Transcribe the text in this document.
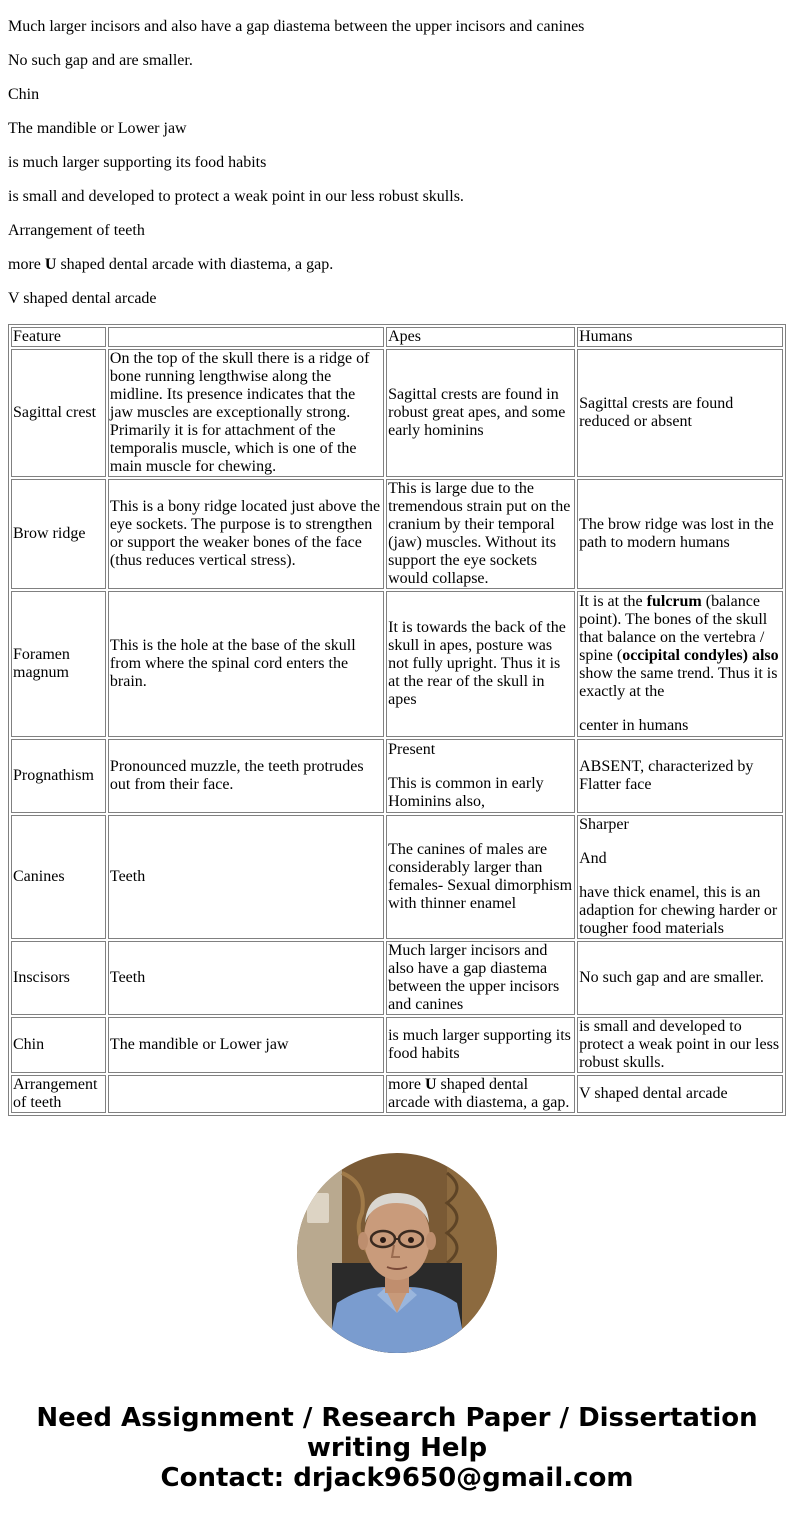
Much larger incisors and also have a gap diastema between the upper incisors and canines

No such gap and are smaller.

Chin

The mandible or Lower jaw

is much larger supporting its food habits

is small and developed to protect a weak point in our less robust skulls.

Arrangement of teeth

more U shaped dental arcade with diastema, a gap.

V shaped dental arcade

Feature		Apes	Humans
Sagittal crest	On the top of the skull there is a ridge of bone running lengthwise along the midline. Its presence indicates that the jaw muscles are exceptionally strong. Primarily it is for attachment of the temporalis muscle, which is one of the main muscle for chewing.	Sagittal crests are found in robust great apes, and some early hominins	Sagittal crests are found reduced or absent
Brow ridge	This is a bony ridge located just above the eye sockets. The purpose is to strengthen or support the weaker bones of the face (thus reduces vertical stress).	This is large due to the tremendous strain put on the cranium by their temporal (jaw) muscles. Without its support the eye sockets would collapse.	The brow ridge was lost in the path to modern humans
Foramen magnum	This is the hole at the base of the skull from where the spinal cord enters the brain.	It is towards the back of the skull in apes, posture was not fully upright. Thus it is at the rear of the skull in apes	It is at the fulcrum (balance point). The bones of the skull that balance on the vertebra / spine (occipital condyles) also show the same trend. Thus it is exactly at the
center in humans
Prognathism	Pronounced muzzle, the teeth protrudes out from their face.	Present
This is common in early Hominins also,	ABSENT, characterized by Flatter face
Canines	Teeth	The canines of males are considerably larger than females- Sexual dimorphism with thinner enamel	Sharper
And
have thick enamel, this is an adaption for chewing harder or tougher food materials
Inscisors	Teeth	Much larger incisors and also have a gap diastema between the upper incisors and canines	No such gap and are smaller.
Chin	The mandible or Lower jaw	is much larger supporting its food habits	is small and developed to protect a weak point in our less robust skulls.
Arrangement of teeth		more U shaped dental arcade with diastema, a gap.	V shaped dental arcade
Need Assignment / Research Paper / Dissertation writing Help
Contact: drjack9650@gmail.com
